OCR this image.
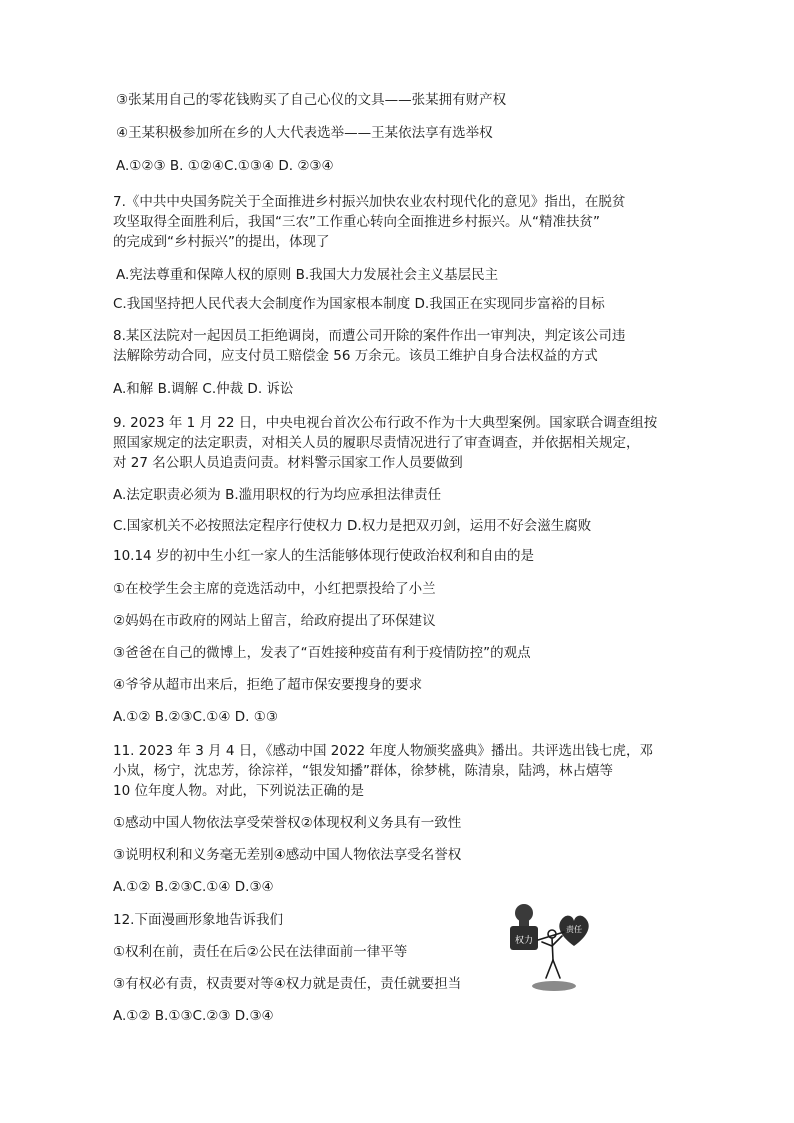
③张某用自己的零花钱购买了自己心仪的文具——张某拥有财产权
④王某积极参加所在乡的人大代表选举——王某依法享有选举权
A.①②③ B. ①②④C.①③④ D. ②③④
7.《中共中央国务院关于全面推进乡村振兴加快农业农村现代化的意见》指出，在脱贫
攻坚取得全面胜利后，我国“三农”工作重心转向全面推进乡村振兴。从“精准扶贫”
的完成到“乡村振兴”的提出，体现了
A.宪法尊重和保障人权的原则 B.我国大力发展社会主义基层民主
C.我国坚持把人民代表大会制度作为国家根本制度 D.我国正在实现同步富裕的目标
8.某区法院对一起因员工拒绝调岗，而遭公司开除的案件作出一审判决，判定该公司违
法解除劳动合同，应支付员工赔偿金 56 万余元。该员工维护自身合法权益的方式
A.和解 B.调解 C.仲裁 D. 诉讼
9. 2023 年 1 月 22 日，中央电视台首次公布行政不作为十大典型案例。国家联合调查组按
照国家规定的法定职责，对相关人员的履职尽责情况进行了审查调查，并依据相关规定，
对 27 名公职人员追责问责。材料警示国家工作人员要做到
A.法定职责必须为 B.滥用职权的行为均应承担法律责任
C.国家机关不必按照法定程序行使权力 D.权力是把双刃剑，运用不好会滋生腐败
10.14 岁的初中生小红一家人的生活能够体现行使政治权利和自由的是
①在校学生会主席的竞选活动中，小红把票投给了小兰
②妈妈在市政府的网站上留言，给政府提出了环保建议
③爸爸在自己的微博上，发表了“百姓接种疫苗有利于疫情防控”的观点
④爷爷从超市出来后，拒绝了超市保安要搜身的要求
A.①② B.②③C.①④ D. ①③
11. 2023 年 3 月 4 日，《感动中国 2022 年度人物颁奖盛典》播出。共评选出钱七虎，邓
小岚，杨宁，沈忠芳，徐淙祥，“银发知播”群体，徐梦桃，陈清泉，陆鸿，林占熺等
10 位年度人物。对此，下列说法正确的是
①感动中国人物依法享受荣誉权②体现权利义务具有一致性
③说明权利和义务毫无差别④感动中国人物依法享受名誉权
A.①② B.②③C.①④ D.③④
12.下面漫画形象地告诉我们
①权利在前，责任在后②公民在法律面前一律平等
③有权必有责，权责要对等④权力就是责任，责任就要担当
A.①② B.①③C.②③ D.③④
权力
责任
